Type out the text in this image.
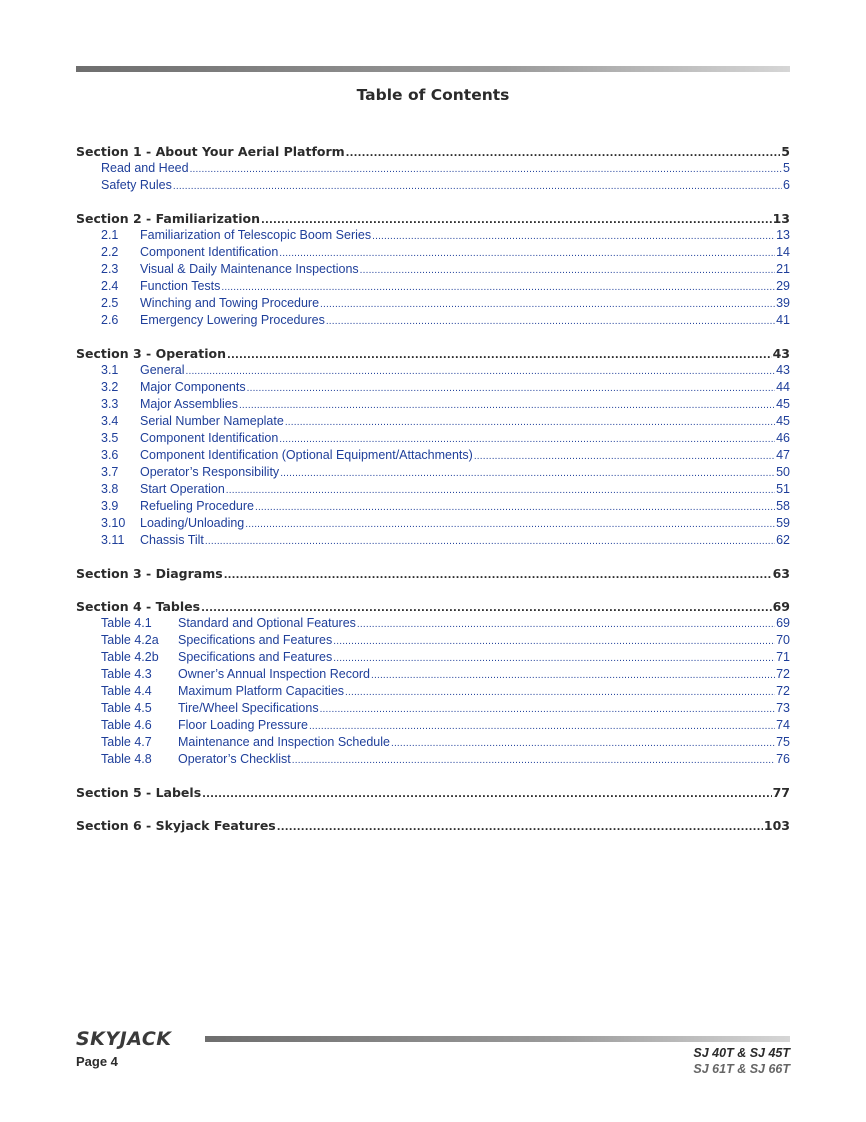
Table of Contents
Section 1 - About Your Aerial Platform .....	5
Read and Heed .....	5
Safety Rules .....	6
Section 2 - Familiarization .....	13
2.1	Familiarization of Telescopic Boom Series .....	13
2.2	Component Identification .....	14
2.3	Visual & Daily Maintenance Inspections .....	21
2.4	Function Tests .....	29
2.5	Winching and Towing Procedure .....	39
2.6	Emergency Lowering Procedures .....	41
Section 3 - Operation .....	43
3.1	General .....	43
3.2	Major Components .....	44
3.3	Major Assemblies .....	45
3.4	Serial Number Nameplate .....	45
3.5	Component Identification .....	46
3.6	Component Identification (Optional Equipment/Attachments) .....	47
3.7	Operator’s Responsibility .....	50
3.8	Start Operation .....	51
3.9	Refueling Procedure .....	58
3.10	Loading/Unloading .....	59
3.11	Chassis Tilt .....	62
Section 3 - Diagrams .....	63
Section 4 - Tables .....	69
Table 4.1	Standard and Optional Features .....	69
Table 4.2a	Specifications and Features .....	70
Table 4.2b	Specifications and Features .....	71
Table 4.3	Owner’s Annual Inspection Record .....	72
Table 4.4	Maximum Platform Capacities .....	72
Table 4.5	Tire/Wheel Specifications .....	73
Table 4.6	Floor Loading Pressure .....	74
Table 4.7	Maintenance and Inspection Schedule .....	75
Table 4.8	Operator’s Checklist .....	76
Section 5 - Labels .....	77
Section 6 - Skyjack Features .....	103
SKYJACK
Page 4
SJ 40T & SJ 45T
SJ 61T & SJ 66T
